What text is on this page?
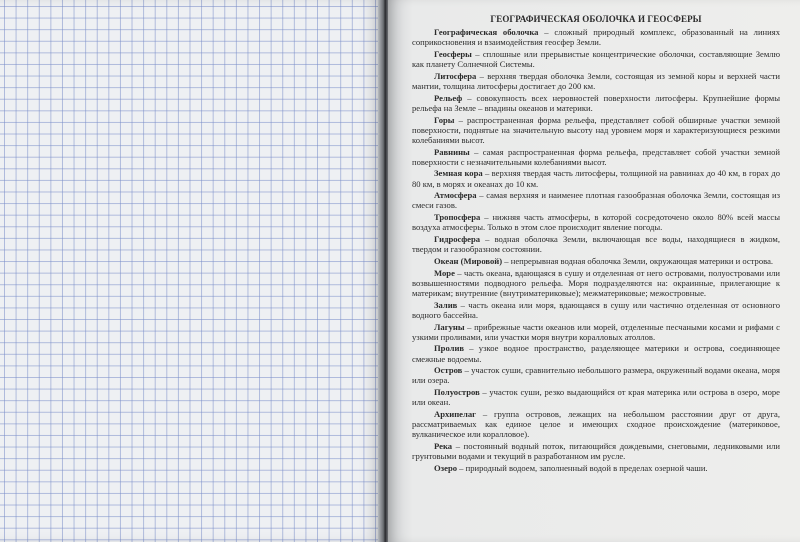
ГЕОГРАФИЧЕСКАЯ ОБОЛОЧКА И ГЕОСФЕРЫ

Географическая оболочка – сложный природный комплекс, образованный на линиях соприкосновения и взаимодействия геосфер Земли.

Геосферы – сплошные или прерывистые концентрические оболочки, составляющие Землю как планету Солнечной Системы.

Литосфера – верхняя твердая оболочка Земли, состоящая из земной коры и верхней части мантии, толщина литосферы достигает до 200 км.

Рельеф – совокупность всех неровностей поверхности литосферы. Крупнейшие формы рельефа на Земле – впадины океанов и материки.

Горы – распространенная форма рельефа, представляет собой обширные участки земной поверхности, поднятые на значительную высоту над уровнем моря и характеризующиеся резкими колебаниями высот.

Равнины – самая распространенная форма рельефа, представляет собой участки земной поверхности с незначительными колебаниями высот.

Земная кора – верхняя твердая часть литосферы, толщиной на равнинах до 40 км, в горах до 80 км, в морях и океанах до 10 км.

Атмосфера – самая верхняя и наименее плотная газообразная оболочка Земли, состоящая из смеси газов.

Тропосфера – нижняя часть атмосферы, в которой сосредоточено около 80% всей массы воздуха атмосферы. Только в этом слое происходит явление погоды.

Гидросфера – водная оболочка Земли, включающая все воды, находящиеся в жидком, твердом и газообразном состоянии.

Океан (Мировой) – непрерывная водная оболочка Земли, окружающая материки и острова.

Море – часть океана, вдающаяся в сушу и отделенная от него островами, полуостровами или возвышенностями подводного рельефа. Моря подразделяются на: окраинные, прилегающие к материкам; внутренние (внутриматериковые); межматериковые; межостровные.

Залив – часть океана или моря, вдающаяся в сушу или частично отделенная от основного водного бассейна.

Лагуны – прибрежные части океанов или морей, отделенные песчаными косами и рифами с узкими проливами, или участки моря внутри коралловых атоллов.

Пролив – узкое водное пространство, разделяющее материки и острова, соединяющее смежные водоемы.

Остров – участок суши, сравнительно небольшого размера, окруженный водами океана, моря или озера.

Полуостров – участок суши, резко выдающийся от края материка или острова в озеро, море или океан.

Архипелаг – группа островов, лежащих на небольшом расстоянии друг от друга, рассматриваемых как единое целое и имеющих сходное происхождение (материковое, вулканическое или коралловое).

Река – постоянный водный поток, питающийся дождевыми, снеговыми, ледниковыми или грунтовыми водами и текущий в разработанном им русле.

Озеро – природный водоем, заполненный водой в пределах озерной чаши.
